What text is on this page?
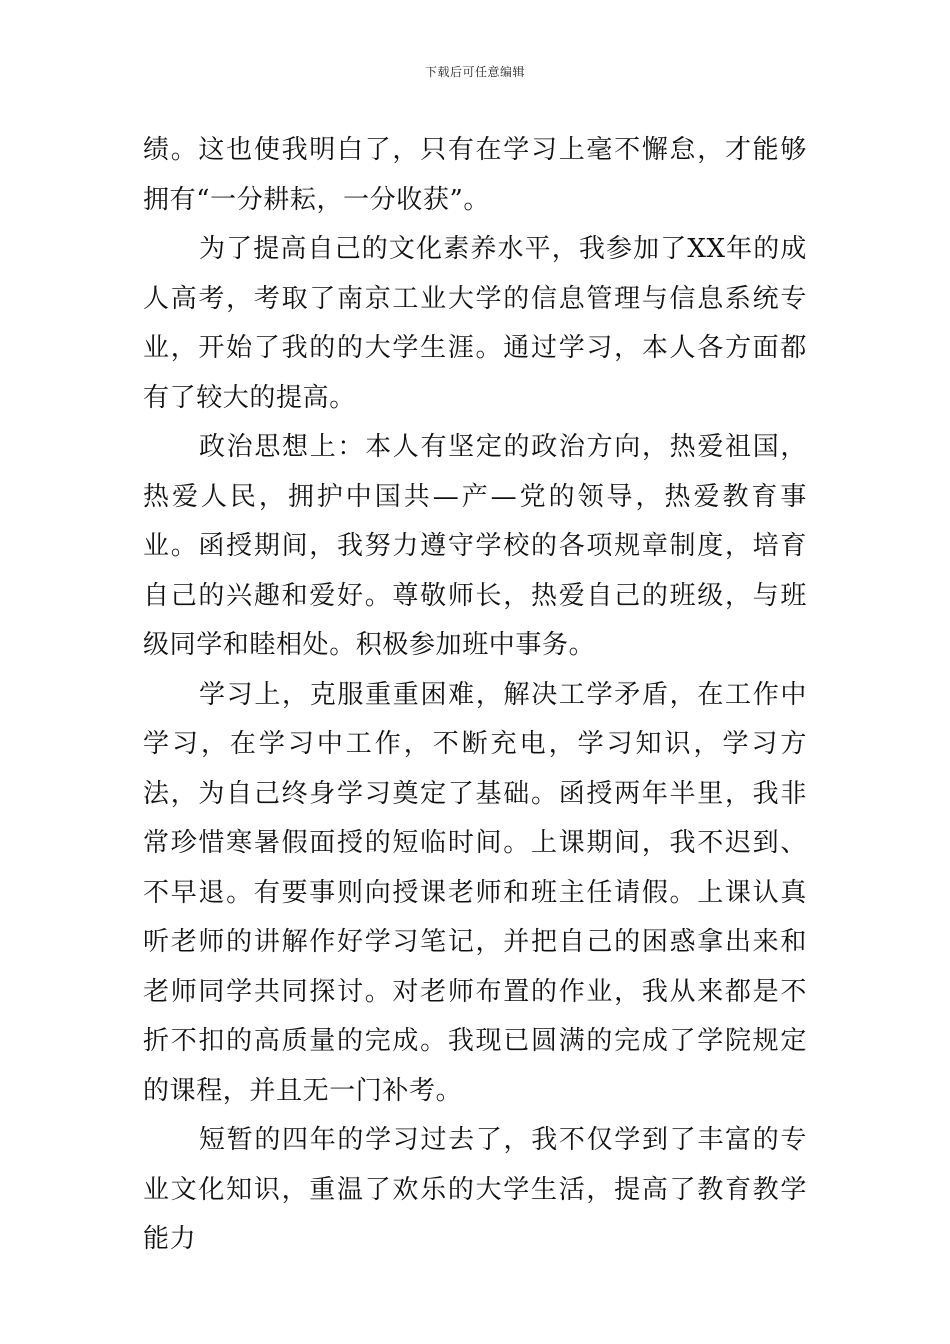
下载后可任意编辑

绩。这也使我明白了，只有在学习上毫不懈怠，才能够拥有“一分耕耘，一分收获”。

为了提高自己的文化素养水平，我参加了XX年的成人高考，考取了南京工业大学的信息管理与信息系统专业，开始了我的的大学生涯。通过学习，本人各方面都有了较大的提高。

政治思想上：本人有坚定的政治方向，热爱祖国，热爱人民，拥护中国共—产—党的领导，热爱教育事业。函授期间，我努力遵守学校的各项规章制度，培育自己的兴趣和爱好。尊敬师长，热爱自己的班级，与班级同学和睦相处。积极参加班中事务。

学习上，克服重重困难，解决工学矛盾，在工作中学习，在学习中工作，不断充电，学习知识，学习方法，为自己终身学习奠定了基础。函授两年半里，我非常珍惜寒暑假面授的短临时间。上课期间，我不迟到、不早退。有要事则向授课老师和班主任请假。上课认真听老师的讲解作好学习笔记，并把自己的困惑拿出来和老师同学共同探讨。对老师布置的作业，我从来都是不折不扣的高质量的完成。我现已圆满的完成了学院规定的课程，并且无一门补考。

短暂的四年的学习过去了，我不仅学到了丰富的专业文化知识，重温了欢乐的大学生活，提高了教育教学能力
